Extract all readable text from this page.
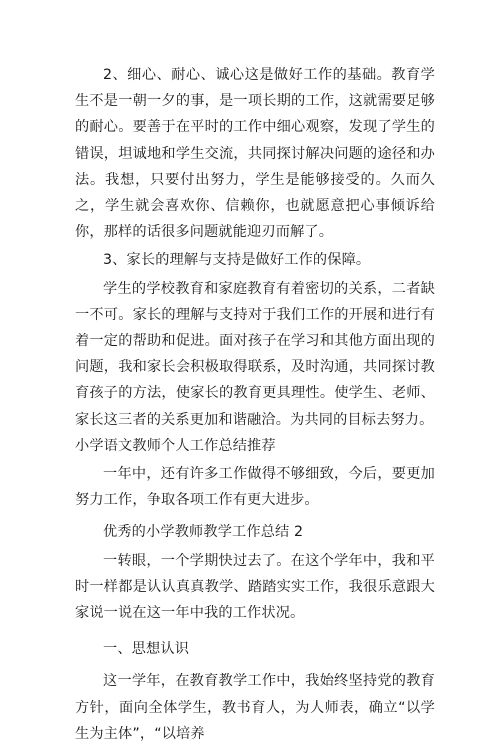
2、细心、耐心、诚心这是做好工作的基础。教育学生不是一朝一夕的事，是一项长期的工作，这就需要足够的耐心。要善于在平时的工作中细心观察，发现了学生的错误，坦诚地和学生交流，共同探讨解决问题的途径和办法。我想，只要付出努力，学生是能够接受的。久而久之，学生就会喜欢你、信赖你，也就愿意把心事倾诉给你，那样的话很多问题就能迎刃而解了。

3、家长的理解与支持是做好工作的保障。

学生的学校教育和家庭教育有着密切的关系，二者缺一不可。家长的理解与支持对于我们工作的开展和进行有着一定的帮助和促进。面对孩子在学习和其他方面出现的问题，我和家长会积极取得联系，及时沟通，共同探讨教育孩子的方法，使家长的教育更具理性。使学生、老师、家长这三者的关系更加和谐融洽。为共同的目标去努力。

小学语文教师个人工作总结推荐

一年中，还有许多工作做得不够细致，今后，要更加努力工作，争取各项工作有更大进步。

优秀的小学教师教学工作总结 2

一转眼，一个学期快过去了。在这个学年中，我和平时一样都是认认真真教学、踏踏实实工作，我很乐意跟大家说一说在这一年中我的工作状况。

一、思想认识

这一学年，在教育教学工作中，我始终坚持党的教育方针，面向全体学生，教书育人，为人师表，确立“以学生为主体”，“以培养
